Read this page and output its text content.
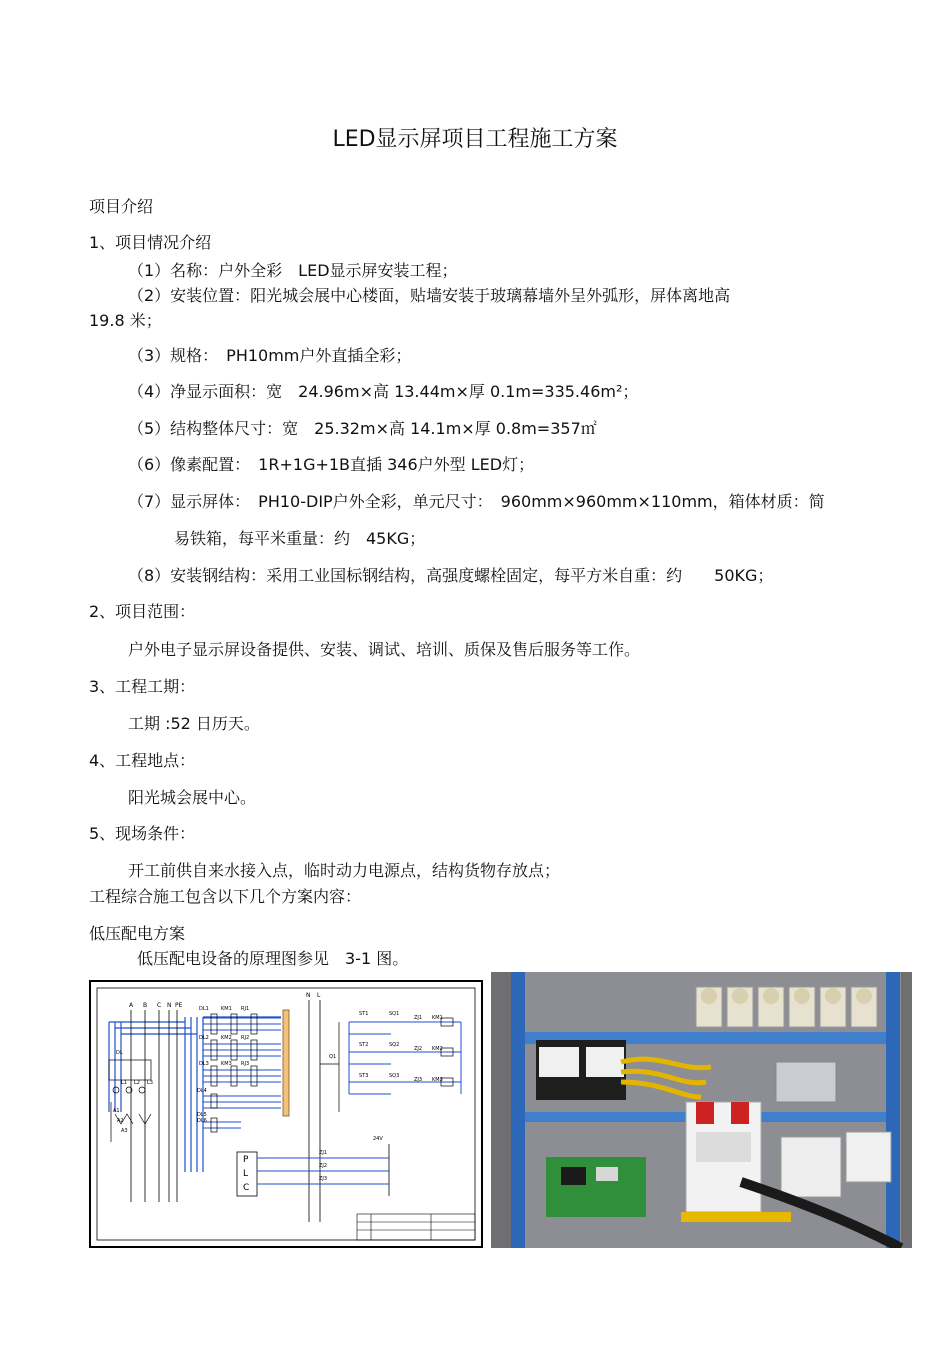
LED显示屏项目工程施工方案
项目介绍
1、项目情况介绍
（1）名称：户外全彩　LED显示屏安装工程；
（2）安装位置：阳光城会展中心楼面，贴墙安装于玻璃幕墙外呈外弧形，屏体离地高
19.8 米；
（3）规格：　PH10mm户外直插全彩；
（4）净显示面积：宽　24.96m×高 13.44m×厚 0.1m=335.46m²；
（5）结构整体尺寸：宽　25.32m×高 14.1m×厚 0.8m=357㎡
（6）像素配置：　1R+1G+1B直插 346户外型 LED灯；
（7）显示屏体：　PH10-DIP户外全彩，单元尺寸：　960mm×960mm×110mm，箱体材质：简
易铁箱，每平米重量：约　45KG；
（8）安装钢结构：采用工业国标钢结构，高强度螺栓固定，每平方米自重：约　　50KG；
2、项目范围：
户外电子显示屏设备提供、安装、调试、培训、质保及售后服务等工作。
3、工程工期：
工期 :52 日历天。
4、工程地点：
阳光城会展中心。
5、现场条件：
开工前供自来水接入点，临时动力电源点，结构货物存放点；
工程综合施工包含以下几个方案内容：
低压配电方案
低压配电设备的原理图参见　3-1 图。
A B C N PE
N L
DL1 KM1 RJ1
DL2 KM2 RJ2
DL3 KM3 RJ3
DL4
DL5
DL6
DL
L1 L2 L3
A1
A2
A3
Q1
ST1	SQ1
ZJ1 KM1
ST2	SQ2
ZJ2 KM2
ST3	SQ3
ZJ3 KM3
24V
P
L
C
ZJ1
ZJ2
ZJ3
